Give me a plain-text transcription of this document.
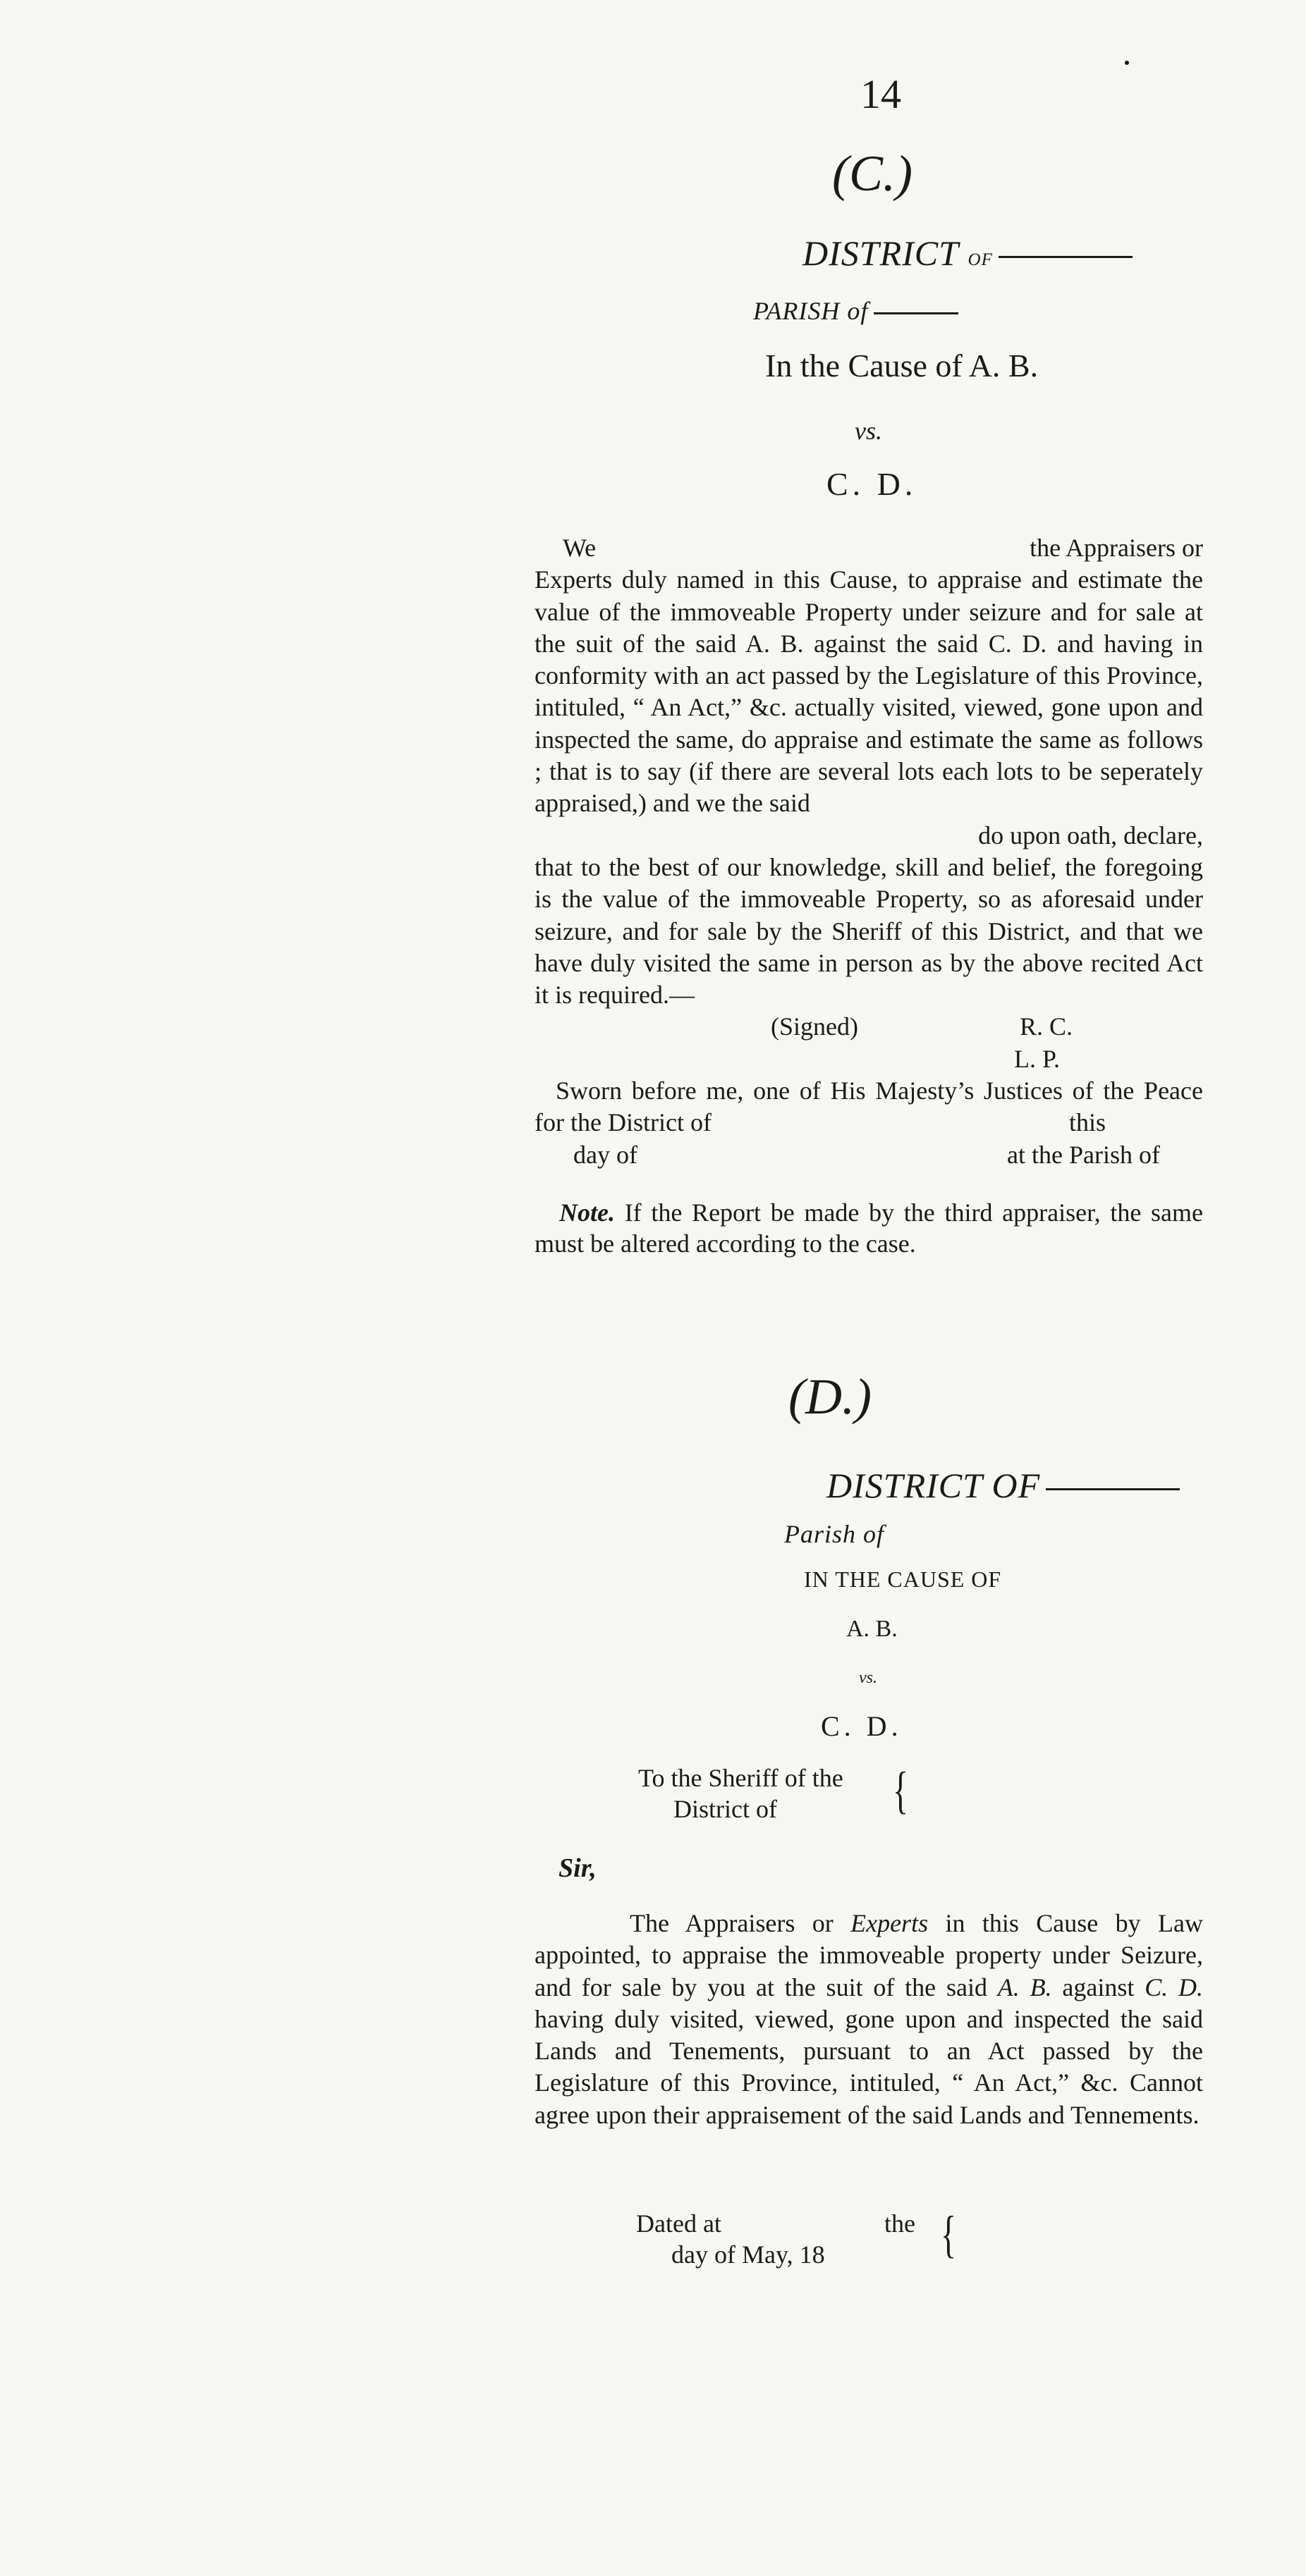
14
(C.)
DISTRICT of
PARISH of
In the Cause of A. B.
vs.
C. D.
We	the Appraisers or

Experts duly named in this Cause, to appraise and estimate the value of the immoveable Property under seizure and for sale at the suit of the said A. B. against the said C. D. and having in conformity with an act passed by the Legislature of this Province, intituled, “ An Act,” &c. actually visited, viewed, gone upon and inspected the same, do appraise and estimate the same as follows ; that is to say (if there are several lots each lots to be seperately appraised,) and we the said

do upon oath, declare,

that to the best of our knowledge, skill and belief, the foregoing is the value of the immoveable Property, so as aforesaid under seizure, and for sale by the Sheriff of this District, and that we have duly visited the same in person as by the above recited Act it is required.—

(Signed)	R. C.
L. P.
Sworn before me, one of His Majesty’s Justices of the Peace for the District of	this
day of	at the Parish of

Note. If the Report be made by the third appraiser, the same must be altered according to the case.

(D.)
DISTRICT OF
Parish of
IN THE CAUSE OF
A. B.
vs.
C. D.
To the Sheriff of the
District of	{
Sir,

The Appraisers or Experts in this Cause by Law appointed, to appraise the immoveable property under Seizure, and for sale by you at the suit of the said A. B. against C. D. having duly visited, viewed, gone upon and inspected the said Lands and Tenements, pursuant to an Act passed by the Legislature of this Province, intituled, “ An Act,” &c. Cannot agree upon their appraisement of the said Lands and Tennements.

Dated at	the
day of May, 18	{
